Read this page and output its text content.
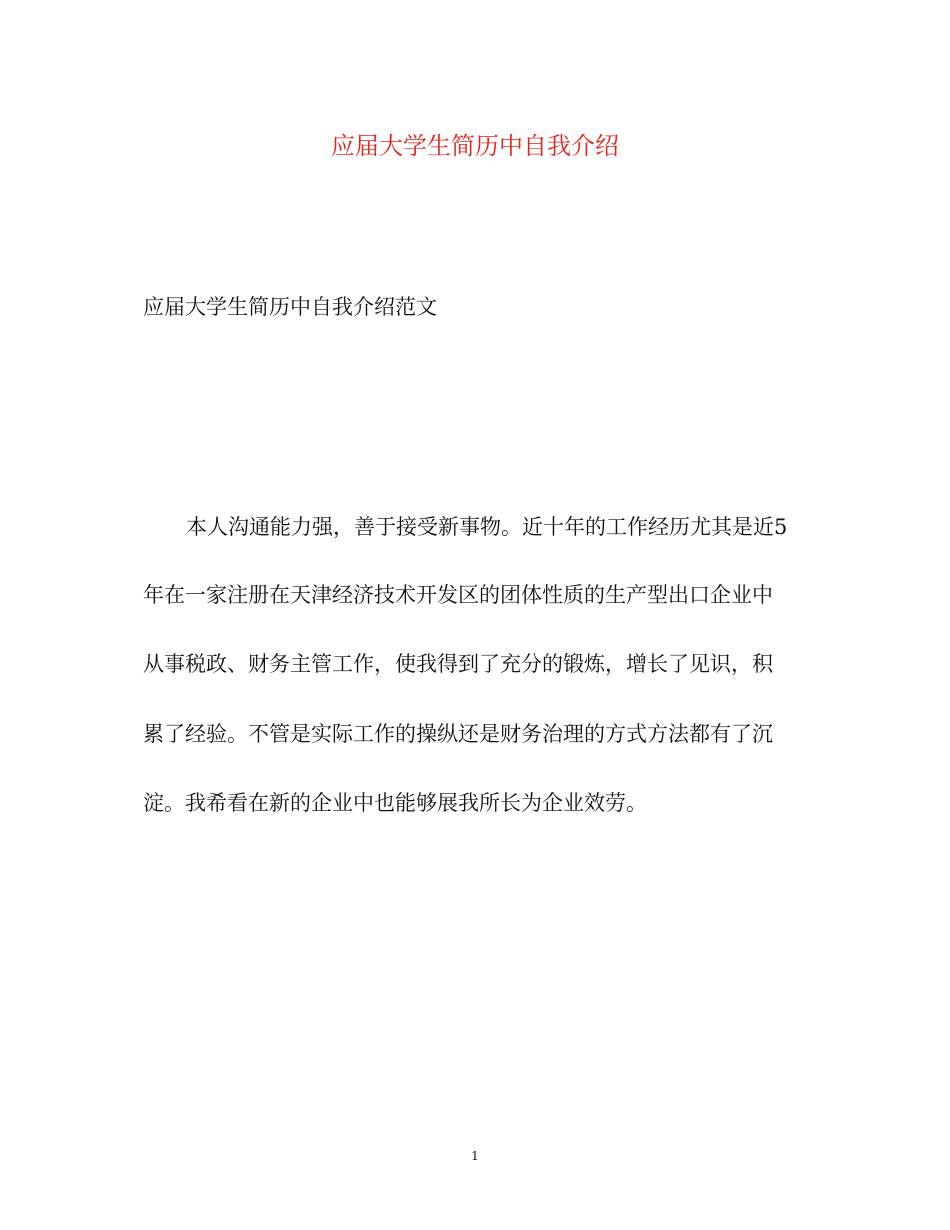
应届大学生简历中自我介绍

应届大学生简历中自我介绍范文

本人沟通能力强，善于接受新事物。近十年的工作经历尤其是近5

年在一家注册在天津经济技术开发区的团体性质的生产型出口企业中

从事税政、财务主管工作，使我得到了充分的锻炼，增长了见识，积

累了经验。不管是实际工作的操纵还是财务治理的方式方法都有了沉

淀。我希看在新的企业中也能够展我所长为企业效劳。

1
